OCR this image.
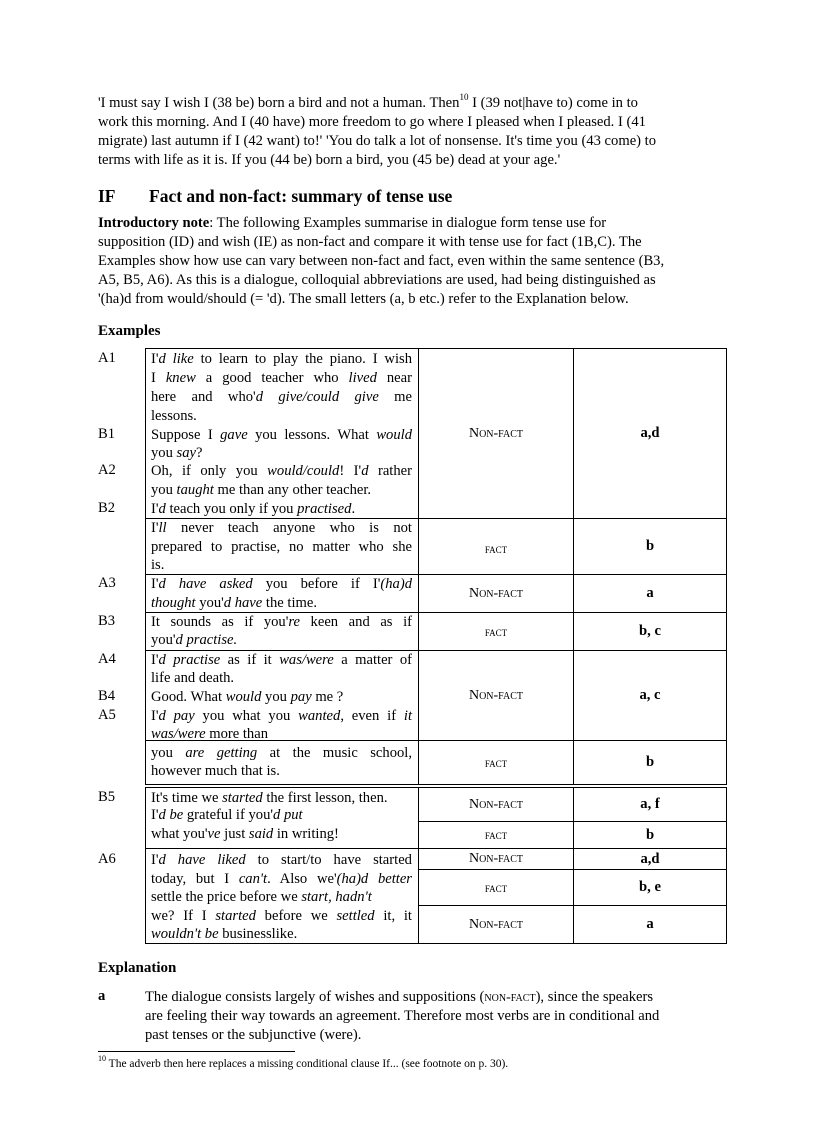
'I must say I wish I (38 be) born a bird and not a human. Then$^{10}$ I (39 not|have to) come in to

work this morning. And I (40 have) more freedom to go where I pleased when I pleased. I (41

migrate) last autumn if I (42 want) to!' 'You do talk a lot of nonsense. It's time you (43 come) to

terms with life as it is. If you (44 be) born a bird, you (45 be) dead at your age.'

IF Fact and non-fact: summary of tense use

Introductory note: The following Examples summarise in dialogue form tense use for

supposition (ID) and wish (IE) as non-fact and compare it with tense use for fact (1B,C). The

Examples show how use can vary between non-fact and fact, even within the same sentence (B3,

A5, B5, A6). As this is a dialogue, colloquial abbreviations are used, had being distinguished as

'(ha)d from would/should (= 'd). The small letters (a, b etc.) refer to the Explanation below.

Examples
A1
B1
A2
B2
A3
B3
A4
B4
A5
B5
A6
I'd like to learn to play the piano. I wish
I knew a good teacher who lived near
here and who'd give/could give me
lessons.
Suppose I gave you lessons. What would
you say?
Oh, if only you would/could! I'd rather
you taught me than any other teacher.
I'd teach you only if you practised.
I'll never teach anyone who is not
prepared to practise, no matter who she
is.
I'd have asked you before if I'(ha)d
thought you'd have the time.
It sounds as if you're keen and as if
you'd practise.
I'd practise as if it was/were a matter of
life and death.
Good. What would you pay me ?
I'd pay you what you wanted, even if it
was/were more than
you are getting at the music school,
however much that is.
It's time we started the first lesson, then.
I'd be grateful if you'd put
what you've just said in writing!
I'd have liked to start/to have started
today, but I can't. Also we'(ha)d better
settle the price before we start, hadn't
we? If I started before we settled it, it
wouldn't be businesslike.
Non-fact
fact
Non-fact
fact
Non-fact
fact
Non-fact
fact
Non-fact
fact
Non-fact
a,d
b
a
b, c
a, c
b
a, f
b
a,d
b, e
a
Explanation
a	The dialogue consists largely of wishes and suppositions (non-fact), since the speakers

are feeling their way towards an agreement. Therefore most verbs are in conditional and

past tenses or the subjunctive (were).

$^{10}$ The adverb then here replaces a missing conditional clause If... (see footnote on p. 30).
